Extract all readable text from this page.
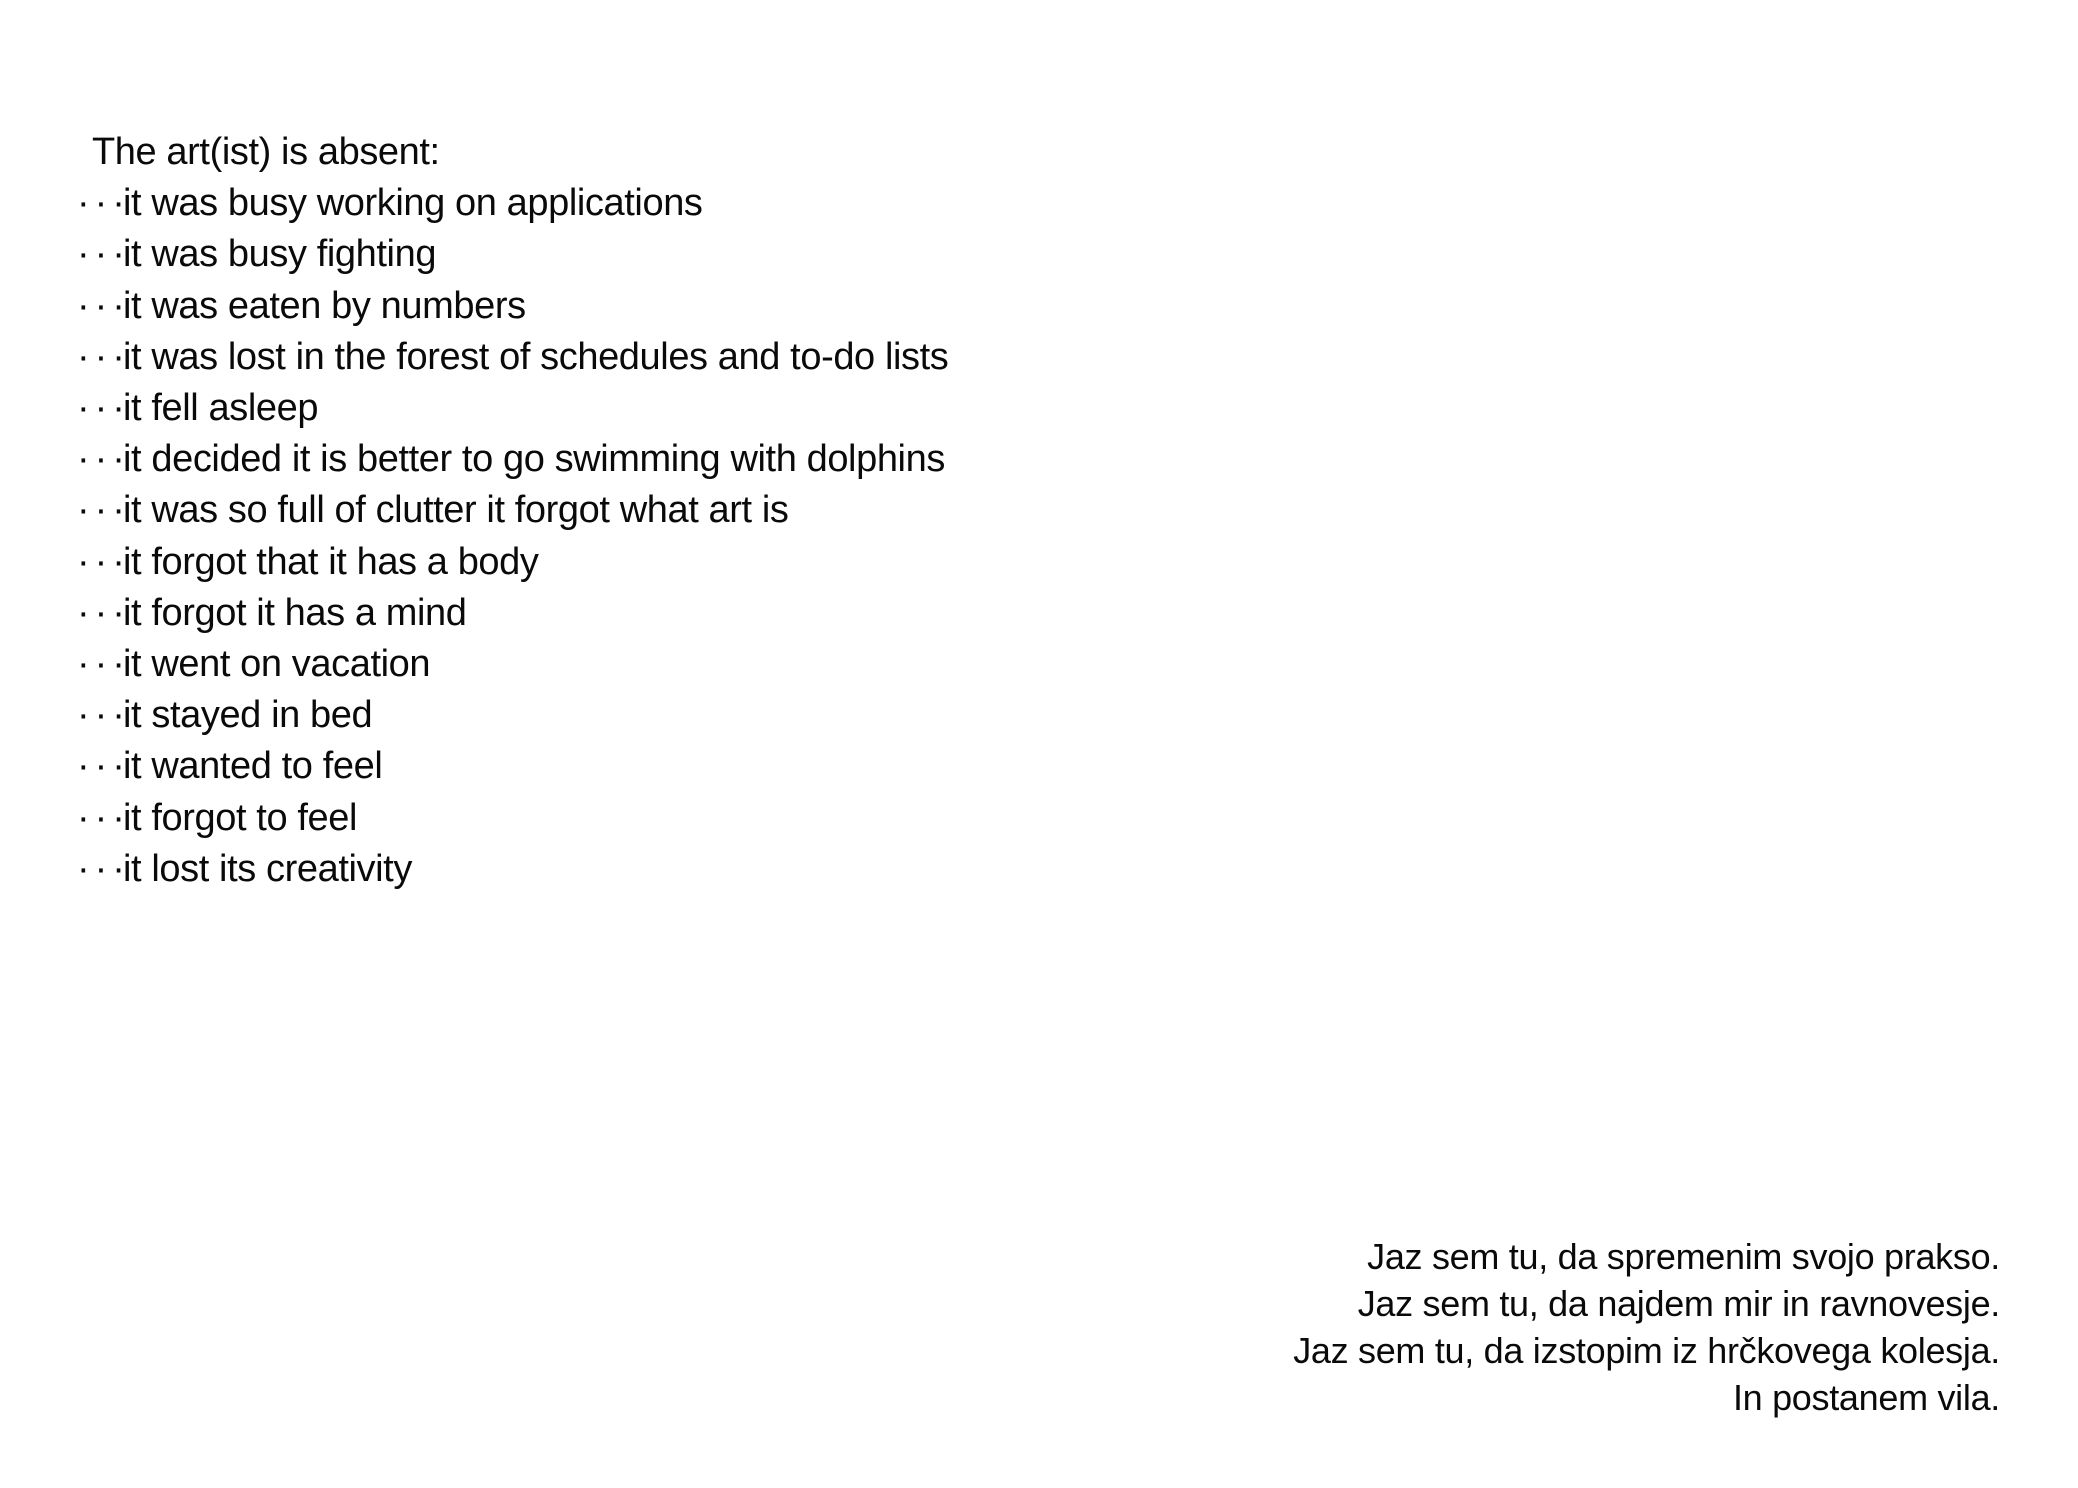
The art(ist) is absent:
···
it was busy working on applications
···
it was busy fighting
···
it was eaten by numbers
···
it was lost in the forest of schedules and to-do lists
···
it fell asleep
···
it decided it is better to go swimming with dolphins
···
it was so full of clutter it forgot what art is
···
it forgot that it has a body
···
it forgot it has a mind
···
it went on vacation
···
it stayed in bed
···
it wanted to feel
···
it forgot to feel
···
it lost its creativity
Jaz sem tu, da spremenim svojo prakso.
Jaz sem tu, da najdem mir in ravnovesje.
Jaz sem tu, da izstopim iz hrčkovega kolesja.
In postanem vila.
